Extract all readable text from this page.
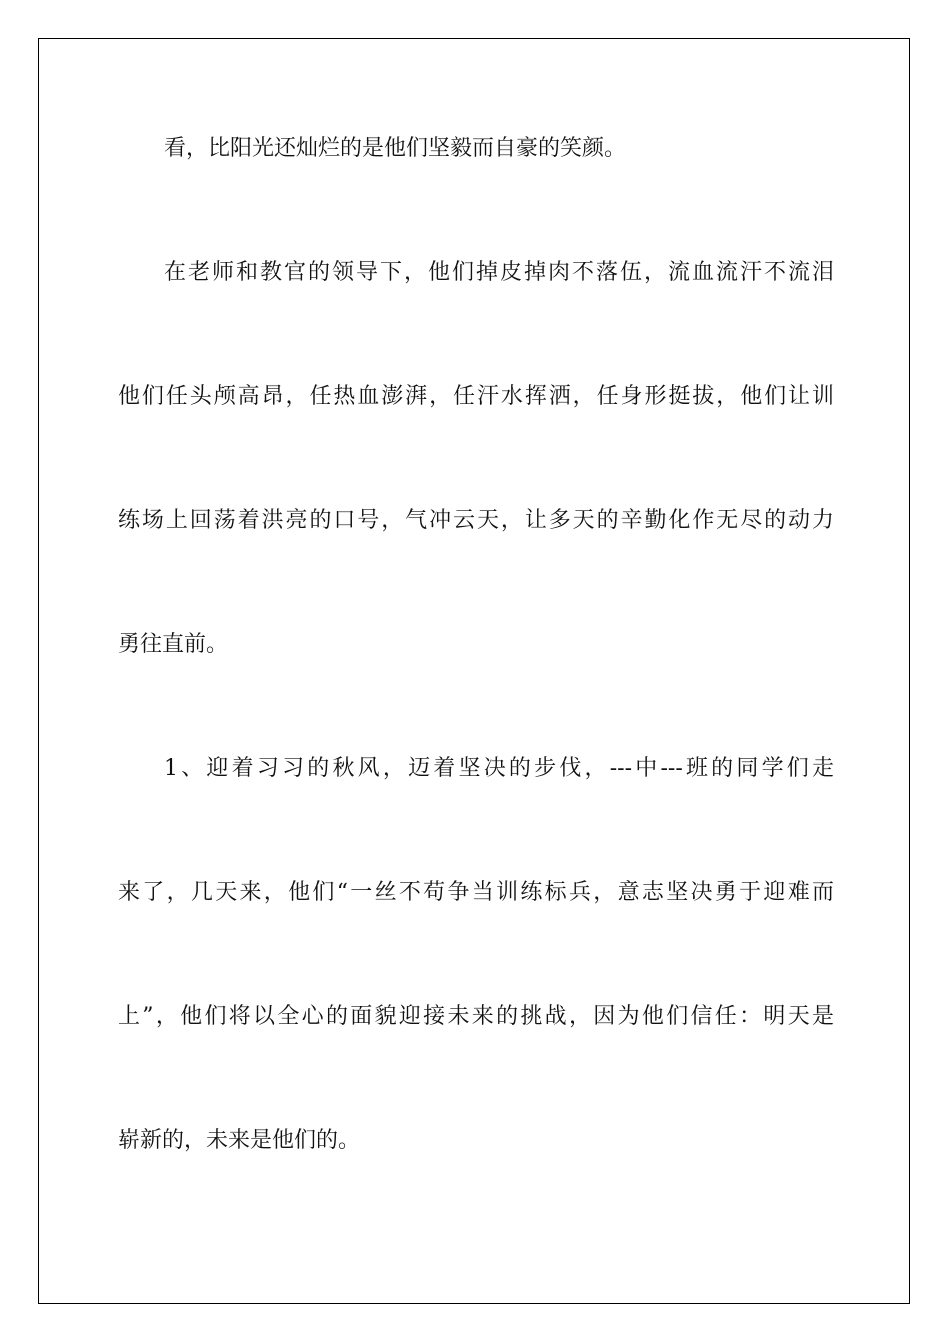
看，比阳光还灿烂的是他们坚毅而自豪的笑颜。

在老师和教官的领导下，他们掉皮掉肉不落伍，流血流汗不流泪

他们任头颅高昂，任热血澎湃，任汗水挥洒，任身形挺拔，他们让训

练场上回荡着洪亮的口号，气冲云天，让多天的辛勤化作无尽的动力

勇往直前。

1、迎着习习的秋风，迈着坚决的步伐，---中---班的同学们走

来了，几天来，他们“一丝不苟争当训练标兵，意志坚决勇于迎难而

上”，他们将以全心的面貌迎接未来的挑战，因为他们信任：明天是

崭新的，未来是他们的。
